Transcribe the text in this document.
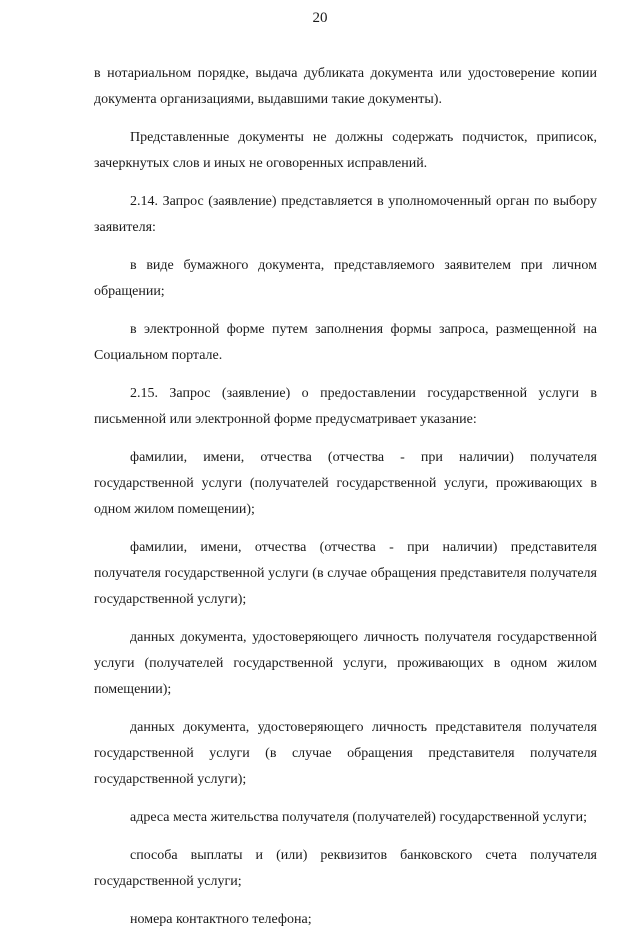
20

в нотариальном порядке, выдача дубликата документа или удостоверение копии документа организациями, выдавшими такие документы).

Представленные документы не должны содержать подчисток, приписок, зачеркнутых слов и иных не оговоренных исправлений.

2.14. Запрос (заявление) представляется в уполномоченный орган по выбору заявителя:

в виде бумажного документа, представляемого заявителем при личном обращении;

в электронной форме путем заполнения формы запроса, размещенной на Социальном портале.

2.15. Запрос (заявление) о предоставлении государственной услуги в письменной или электронной форме предусматривает указание:

фамилии, имени, отчества (отчества - при наличии) получателя государственной услуги (получателей государственной услуги, проживающих в одном жилом помещении);

фамилии, имени, отчества (отчества - при наличии) представителя получателя государственной услуги (в случае обращения представителя получателя государственной услуги);

данных документа, удостоверяющего личность получателя государственной услуги (получателей государственной услуги, проживающих в одном жилом помещении);

данных документа, удостоверяющего личность представителя получателя государственной услуги (в случае обращения представителя получателя государственной услуги);

адреса места жительства получателя (получателей) государственной услуги;

способа выплаты и (или) реквизитов банковского счета получателя государственной услуги;

номера контактного телефона;
